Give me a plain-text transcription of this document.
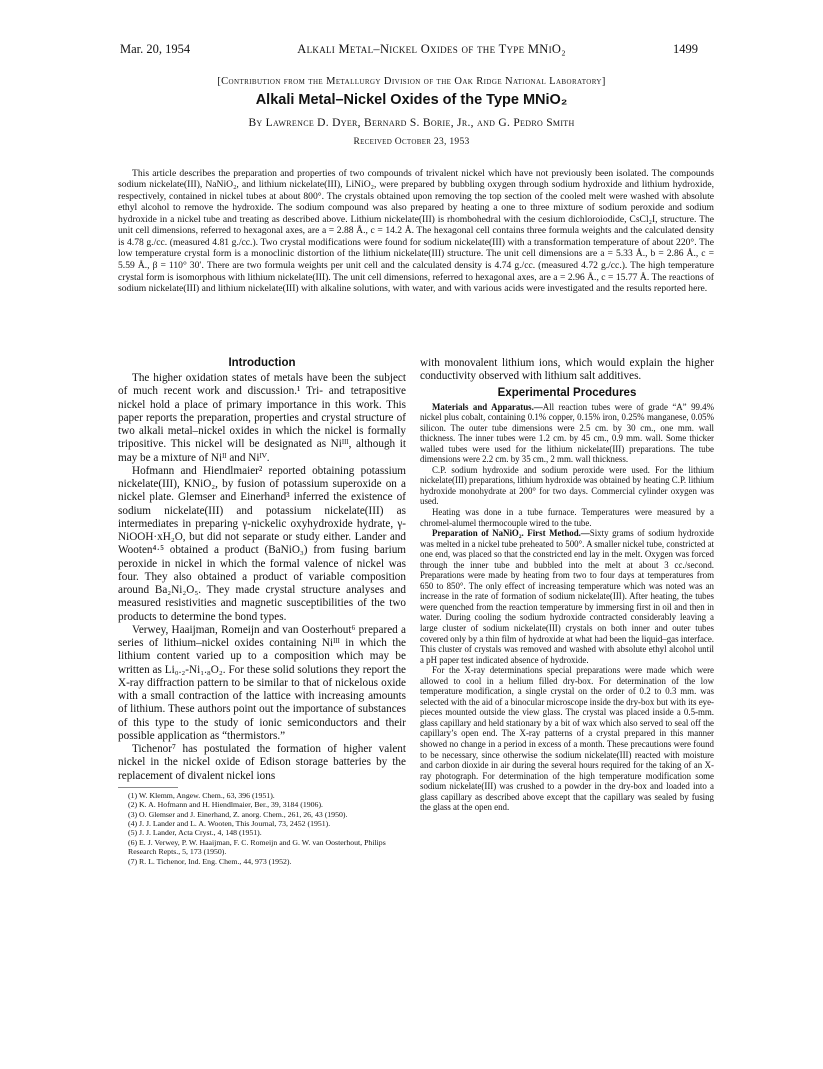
Mar. 20, 1954	Alkali Metal–Nickel Oxides of the Type MNiO₂	1499
[Contribution from the Metallurgy Division of the Oak Ridge National Laboratory]
Alkali Metal–Nickel Oxides of the Type MNiO₂
By Lawrence D. Dyer, Bernard S. Borie, Jr., and G. Pedro Smith
Received October 23, 1953

This article describes the preparation and properties of two compounds of trivalent nickel which have not previously been isolated. The compounds sodium nickelate(III), NaNiO₂, and lithium nickelate(III), LiNiO₂, were prepared by bubbling oxygen through sodium hydroxide and lithium hydroxide, respectively, contained in nickel tubes at about 800°. The crystals obtained upon removing the top section of the cooled melt were washed with absolute ethyl alcohol to remove the hydroxide. The sodium compound was also prepared by heating a one to three mixture of sodium peroxide and sodium hydroxide in a nickel tube and treating as described above. Lithium nickelate(III) is rhombohedral with the cesium dichloroiodide, CsCl₂I, structure. The unit cell dimensions, referred to hexagonal axes, are a = 2.88 Å., c = 14.2 Å. The hexagonal cell contains three formula weights and the calculated density is 4.78 g./cc. (measured 4.81 g./cc.). Two crystal modifications were found for sodium nickelate(III) with a transformation temperature of about 220°. The low temperature crystal form is a monoclinic distortion of the lithium nickelate(III) structure. The unit cell dimensions are a = 5.33 Å., b = 2.86 Å., c = 5.59 Å., β = 110° 30′. There are two formula weights per unit cell and the calculated density is 4.74 g./cc. (measured 4.72 g./cc.). The high temperature crystal form is isomorphous with lithium nickelate(III). The unit cell dimensions, referred to hexagonal axes, are a = 2.96 Å., c = 15.77 Å. The reactions of sodium nickelate(III) and lithium nickelate(III) with alkaline solutions, with water, and with various acids were investigated and the results reported here.

Introduction

The higher oxidation states of metals have been the subject of much recent work and discussion.¹ Tri- and tetrapositive nickel hold a place of primary importance in this work. This paper reports the preparation, properties and crystal structure of two alkali metal–nickel oxides in which the nickel is formally tripositive. This nickel will be designated as Niᴵᴵᴵ, although it may be a mixture of Niᴵᴵ and Niᴵⱽ.

Hofmann and Hiendlmaier² reported obtaining potassium nickelate(III), KNiO₂, by fusion of potassium superoxide on a nickel plate. Glemser and Einerhand³ inferred the existence of sodium nickelate(III) and potassium nickelate(III) as intermediates in preparing γ-nickelic oxyhydroxide hydrate, γ-NiOOH·xH₂O, but did not separate or study either. Lander and Wooten⁴·⁵ obtained a product (BaNiO₃) from fusing barium peroxide in nickel in which the formal valence of nickel was four. They also obtained a product of variable composition around Ba₂Ni₂O₅. They made crystal structure analyses and measured resistivities and magnetic susceptibilities of the two products to determine the bond types.

Verwey, Haaijman, Romeijn and van Oosterhout⁶ prepared a series of lithium–nickel oxides containing Niᴵᴵᴵ in which the lithium content varied up to a composition which may be written as Li₀.₂-Ni₁.₈O₂. For these solid solutions they report the X-ray diffraction pattern to be similar to that of nickelous oxide with a small contraction of the lattice with increasing amounts of lithium. These authors point out the importance of substances of this type to the study of ionic semiconductors and their possible application as “thermistors.”

Tichenor⁷ has postulated the formation of higher valent nickel in the nickel oxide of Edison storage batteries by the replacement of divalent nickel ions

(1) W. Klemm, Angew. Chem., 63, 396 (1951).
(2) K. A. Hofmann and H. Hiendlmaier, Ber., 39, 3184 (1906).
(3) O. Glemser and J. Einerhand, Z. anorg. Chem., 261, 26, 43 (1950).
(4) J. J. Lander and L. A. Wooten, This Journal, 73, 2452 (1951).
(5) J. J. Lander, Acta Cryst., 4, 148 (1951).
(6) E. J. Verwey, P. W. Haaijman, F. C. Romeijn and G. W. van Oosterhout, Philips Research Repts., 5, 173 (1950).
(7) R. L. Tichenor, Ind. Eng. Chem., 44, 973 (1952).

with monovalent lithium ions, which would explain the higher conductivity observed with lithium salt additives.

Experimental Procedures

Materials and Apparatus.—All reaction tubes were of grade “A” 99.4% nickel plus cobalt, containing 0.1% copper, 0.15% iron, 0.25% manganese, 0.05% silicon. The outer tube dimensions were 2.5 cm. by 30 cm., one mm. wall thickness. The inner tubes were 1.2 cm. by 45 cm., 0.9 mm. wall. Some thicker walled tubes were used for the lithium nickelate(III) preparations. The tube dimensions were 2.2 cm. by 35 cm., 2 mm. wall thickness.

C.P. sodium hydroxide and sodium peroxide were used. For the lithium nickelate(III) preparations, lithium hydroxide was obtained by heating C.P. lithium hydroxide monohydrate at 200° for two days. Commercial cylinder oxygen was used.

Heating was done in a tube furnace. Temperatures were measured by a chromel-alumel thermocouple wired to the tube.

Preparation of NaNiO₂. First Method.—Sixty grams of sodium hydroxide was melted in a nickel tube preheated to 500°. A smaller nickel tube, constricted at one end, was placed so that the constricted end lay in the melt. Oxygen was forced through the inner tube and bubbled into the melt at about 3 cc./second. Preparations were made by heating from two to four days at temperatures from 650 to 850°. The only effect of increasing temperature which was noted was an increase in the rate of formation of sodium nickelate(III). After heating, the tubes were quenched from the reaction temperature by immersing first in oil and then in water. During cooling the sodium hydroxide contracted considerably leaving a large cluster of sodium nickelate(III) crystals on both inner and outer tubes covered only by a thin film of hydroxide at what had been the liquid–gas interface. This cluster of crystals was removed and washed with absolute ethyl alcohol until a pH paper test indicated absence of hydroxide.

For the X-ray determinations special preparations were made which were allowed to cool in a helium filled dry-box. For determination of the low temperature modification, a single crystal on the order of 0.2 to 0.3 mm. was selected with the aid of a binocular microscope inside the dry-box but with its eye-pieces mounted outside the view glass. The crystal was placed inside a 0.5-mm. glass capillary and held stationary by a bit of wax which also served to seal off the capillary’s open end. The X-ray patterns of a crystal prepared in this manner showed no change in a period in excess of a month. These precautions were found to be necessary, since otherwise the sodium nickelate(III) reacted with moisture and carbon dioxide in air during the several hours required for the taking of an X-ray photograph. For determination of the high temperature modification some sodium nickelate(III) was crushed to a powder in the dry-box and loaded into a glass capillary as described above except that the capillary was sealed by fusing the glass at the open end.
